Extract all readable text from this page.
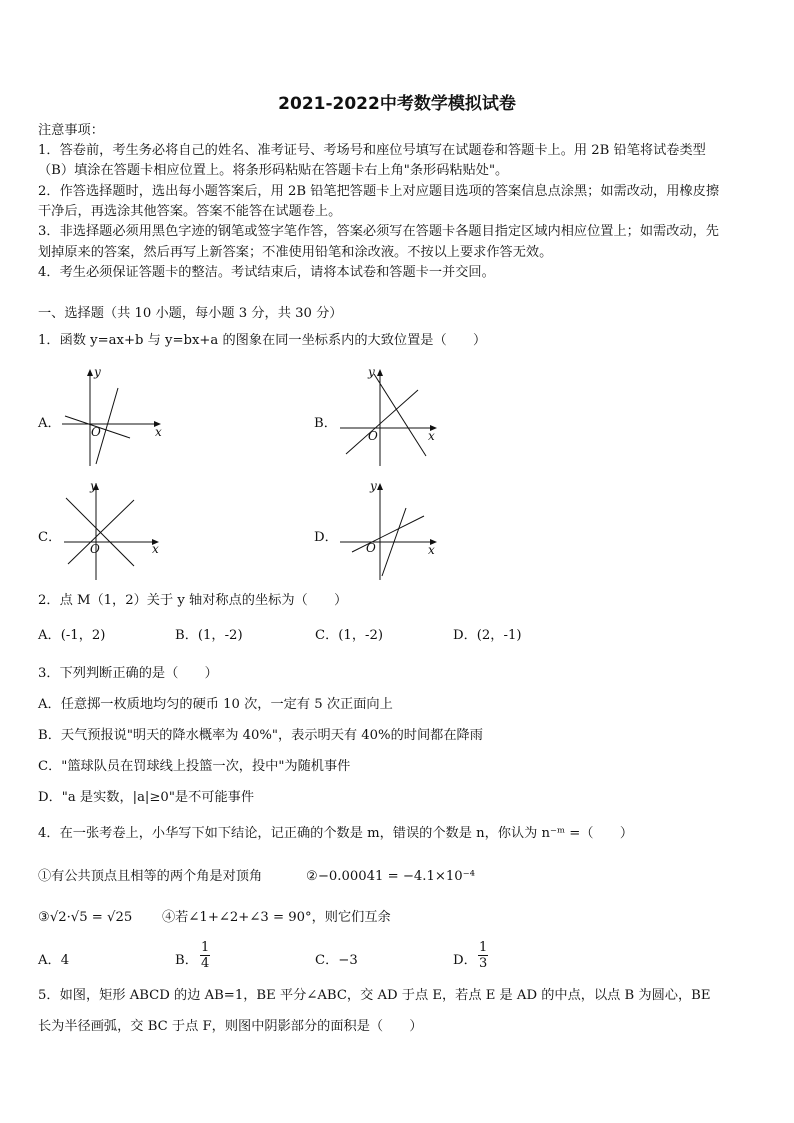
2021-2022中考数学模拟试卷
注意事项：
1．答卷前，考生务必将自己的姓名、准考证号、考场号和座位号填写在试题卷和答题卡上。用 2B 铅笔将试卷类型
（B）填涂在答题卡相应位置上。将条形码粘贴在答题卡右上角"条形码粘贴处"。
2．作答选择题时，选出每小题答案后，用 2B 铅笔把答题卡上对应题目选项的答案信息点涂黑；如需改动，用橡皮擦
干净后，再选涂其他答案。答案不能答在试题卷上。
3．非选择题必须用黑色字迹的钢笔或签字笔作答，答案必须写在答题卡各题目指定区域内相应位置上；如需改动，先
划掉原来的答案，然后再写上新答案；不准使用铅笔和涂改液。不按以上要求作答无效。
4．考生必须保证答题卡的整洁。考试结束后，请将本试卷和答题卡一并交回。
一、选择题（共 10 小题，每小题 3 分，共 30 分）
1．函数 y=ax+b 与 y=bx+a 的图象在同一坐标系内的大致位置是（　　）
A．
y
x
O
B．
y
x
O
C．
y
x
O
D．
y
x
O
2．点 M（1，2）关于 y 轴对称点的坐标为（　　）
A．(-1，2)	B．(1，-2)	C．(1，-2)	D．(2，-1)
3．下列判断正确的是（　　）
A．任意掷一枚质地均匀的硬币 10 次，一定有 5 次正面向上
B．天气预报说"明天的降水概率为 40%"，表示明天有 40%的时间都在降雨
C．"篮球队员在罚球线上投篮一次，投中"为随机事件
D．"a 是实数，|a|≥0"是不可能事件
4．在一张考卷上，小华写下如下结论，记正确的个数是 m，错误的个数是 n，你认为 n⁻ᵐ =（　　）
①有公共顶点且相等的两个角是对顶角	②−0.00041 = −4.1×10⁻⁴
③√2·√5 = √25 ④若∠1+∠2+∠3 = 90°，则它们互余
A．4	B． $\frac{1}{4}$	C．−3	D． $\frac{1}{3}$
5．如图，矩形 ABCD 的边 AB=1，BE 平分∠ABC，交 AD 于点 E，若点 E 是 AD 的中点，以点 B 为圆心，BE
长为半径画弧，交 BC 于点 F，则图中阴影部分的面积是（　　）
